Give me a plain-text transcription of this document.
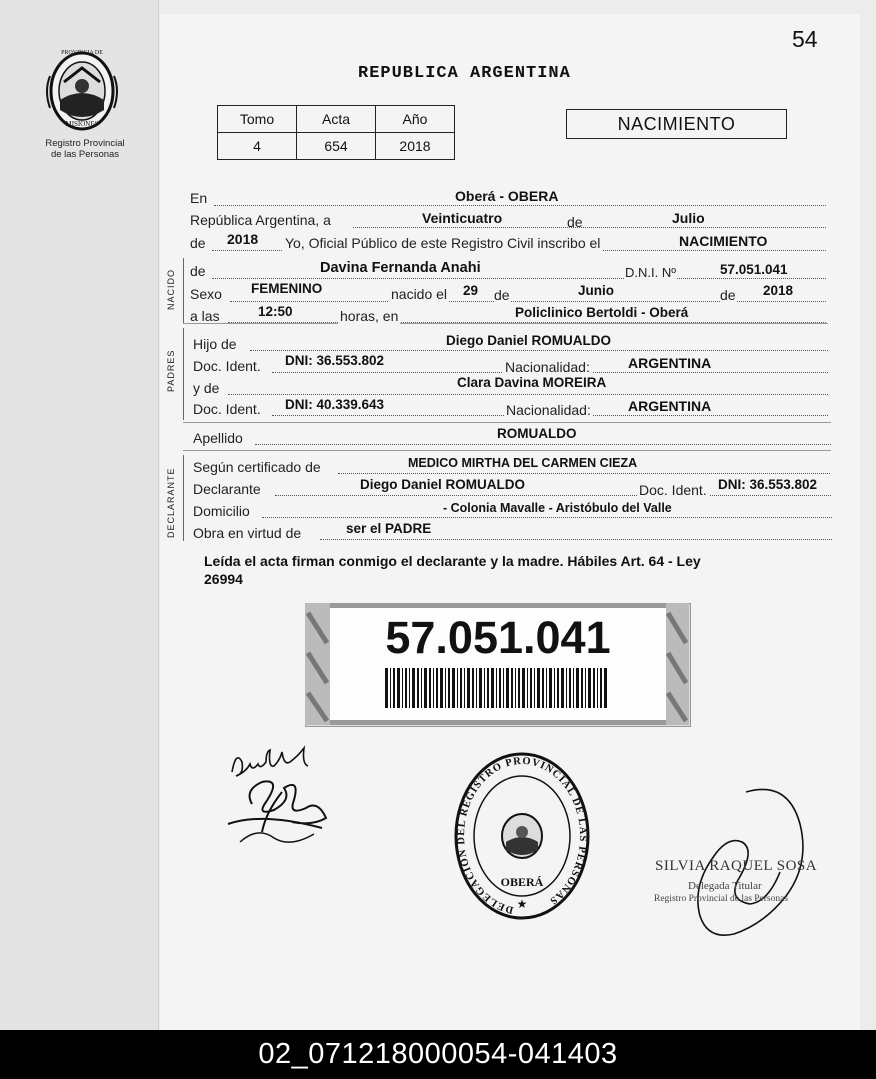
54
PROVINCIA DE
MISIONES
Registro Provincial
de las Personas
REPUBLICA ARGENTINA
Tomo	Acta	Año
4	654	2018
NACIMIENTO
En	Oberá - OBERA
República Argentina, a	Veinticuatro	de	Julio
de 2018 Yo, Oficial Público de este Registro Civil inscribo el	NACIMIENTO
NACIDO de	Davina Fernanda Anahi	D.N.I. Nº	57.051.041
Sexo FEMENINO	nacido el 29 de	Junio	de 2018
a las	12:50	horas, en	Policlinico Bertoldi - Oberá
PADRES
Hijo de	Diego Daniel ROMUALDO
Doc. Ident. DNI: 36.553.802	Nacionalidad:	ARGENTINA
y de	Clara Davina MOREIRA
Doc. Ident. DNI: 40.339.643	Nacionalidad:	ARGENTINA
Apellido	ROMUALDO
DECLARANTE
Según certificado de	MEDICO MIRTHA DEL CARMEN CIEZA
Declarante	Diego Daniel ROMUALDO	Doc. Ident. DNI: 36.553.802
Domicilio	- Colonia Mavalle - Aristóbulo del Valle
Obra en virtud de	ser el PADRE
Leída el acta firman conmigo el declarante y la madre. Hábiles Art. 64 - Ley
26994
57.051.041
DELEGACION DEL REGISTRO PROVINCIAL DE LAS PERSONAS
OBERÁ
★
SILVIA RAQUEL SOSA
Delegada Titular
Registro Provincial de las Personas
02_071218000054-041403
